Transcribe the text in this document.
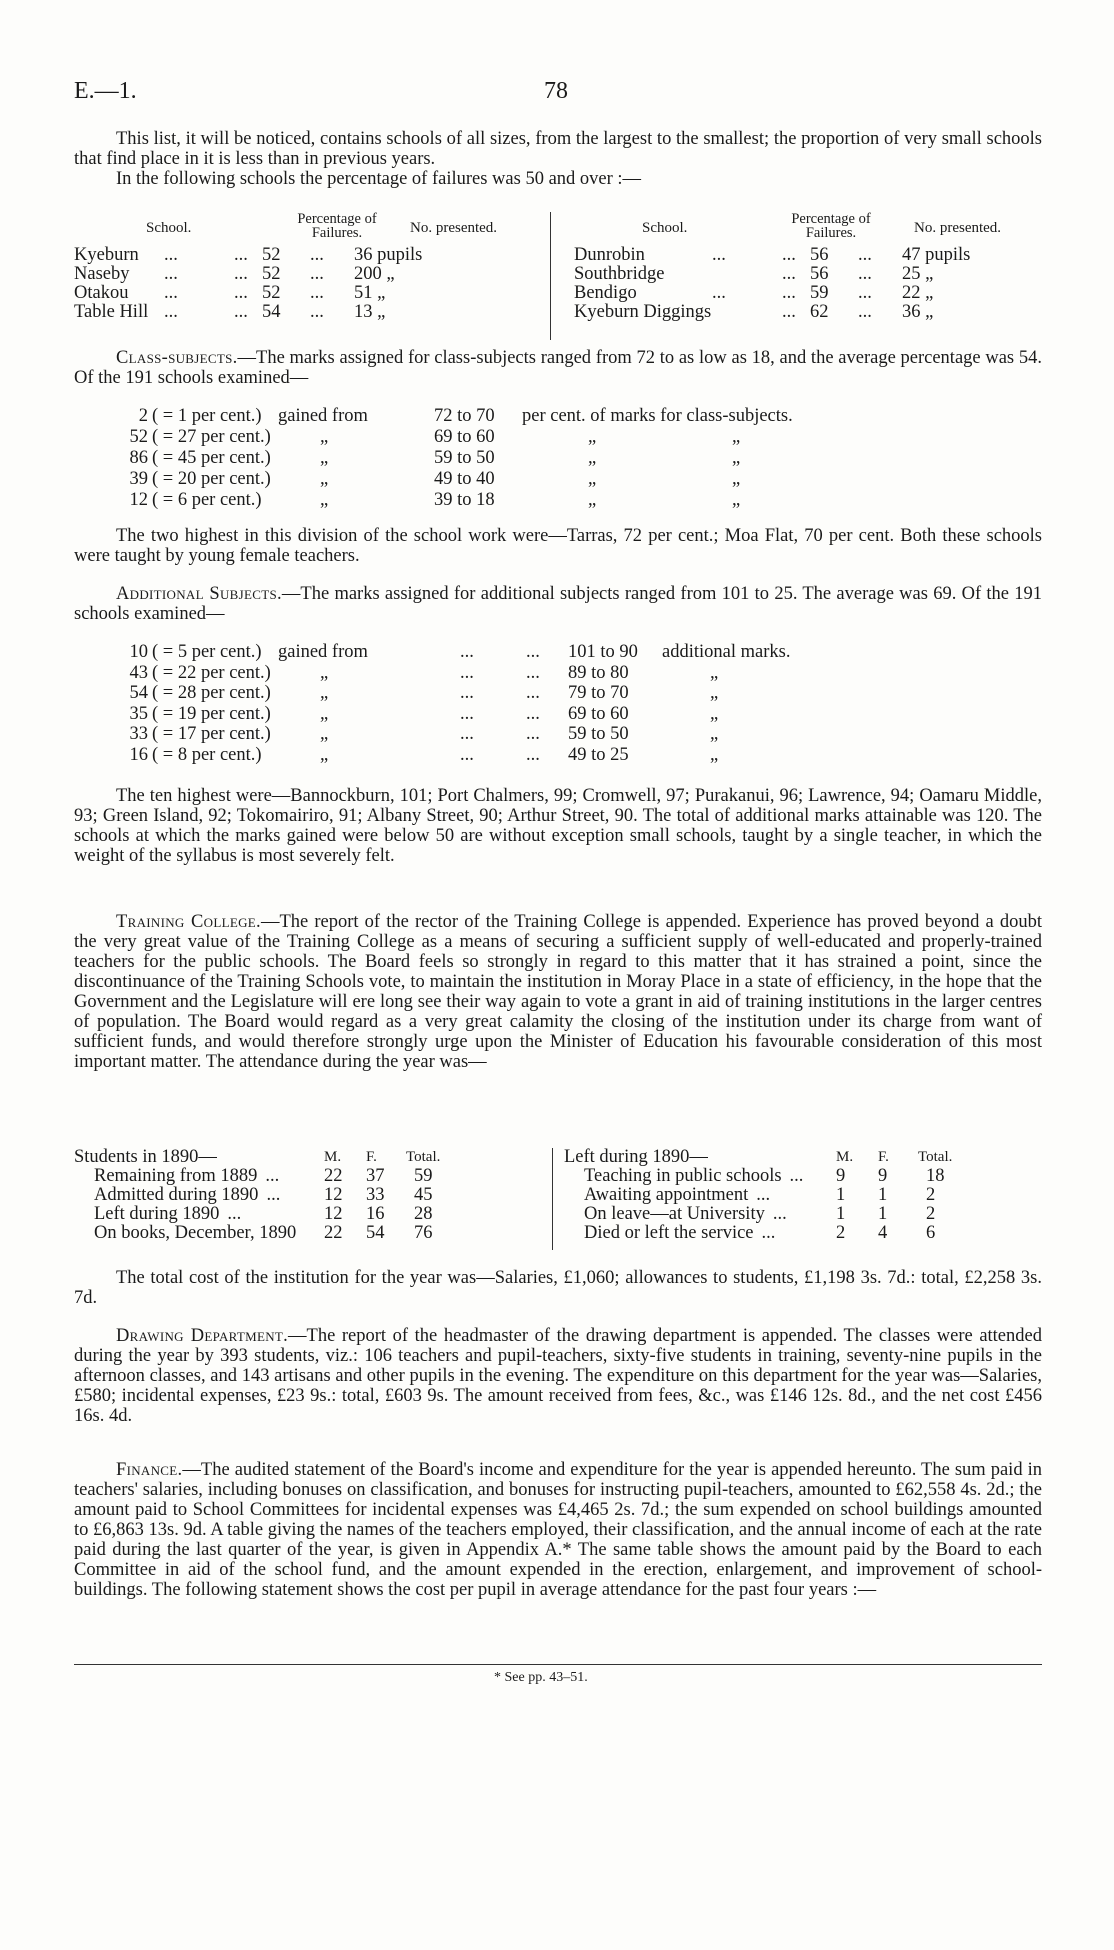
E.—1.	78

This list, it will be noticed, contains schools of all sizes, from the largest to the smallest; the proportion of very small schools that find place in it is less than in previous years.

In the following schools the percentage of failures was 50 and over :—

School.
Percentage of Failures.	No. presented.	School.
Percentage of Failures.	No. presented.
Kyeburn	...	...	52	...	36 pupils
Naseby	...	...	52	...	200 „
Otakou	...	...	52	...	51 „
Table Hill	...	...	54	...	13 „
Dunrobin	...	...	56	...	47 pupils
Southbridge		...	56	...	25 „
Bendigo	...	...	59	...	22 „
Kyeburn Diggings		...	62	...	36 „

Class-subjects.—The marks assigned for class-subjects ranged from 72 to as low as 18, and the average percentage was 54. Of the 191 schools examined—

2	( = 1 per cent.)	gained from	72 to 70	per cent. of marks for class-subjects.
52	( = 27 per cent.)	„	69 to 60	„ „
86	( = 45 per cent.)	„	59 to 50	„ „
39	( = 20 per cent.)	„	49 to 40	„ „
12	( = 6 per cent.)	„	39 to 18	„ „

The two highest in this division of the school work were—Tarras, 72 per cent.; Moa Flat, 70 per cent. Both these schools were taught by young female teachers.

Additional Subjects.—The marks assigned for additional subjects ranged from 101 to 25. The average was 69. Of the 191 schools examined—

10	( = 5 per cent.)	gained from	...	...	101 to 90	additional marks.
43	( = 22 per cent.)	„	...	...	89 to 80	„
54	( = 28 per cent.)	„	...	...	79 to 70	„
35	( = 19 per cent.)	„	...	...	69 to 60	„
33	( = 17 per cent.)	„	...	...	59 to 50	„
16	( = 8 per cent.)	„	...	...	49 to 25	„

The ten highest were—Bannockburn, 101; Port Chalmers, 99; Cromwell, 97; Purakanui, 96; Lawrence, 94; Oamaru Middle, 93; Green Island, 92; Tokomairiro, 91; Albany Street, 90; Arthur Street, 90. The total of additional marks attainable was 120. The schools at which the marks gained were below 50 are without exception small schools, taught by a single teacher, in which the weight of the syllabus is most severely felt.

Training College.—The report of the rector of the Training College is appended. Experience has proved beyond a doubt the very great value of the Training College as a means of securing a sufficient supply of well-educated and properly-trained teachers for the public schools. The Board feels so strongly in regard to this matter that it has strained a point, since the discontinuance of the Training Schools vote, to maintain the institution in Moray Place in a state of efficiency, in the hope that the Government and the Legislature will ere long see their way again to vote a grant in aid of training institutions in the larger centres of population. The Board would regard as a very great calamity the closing of the institution under its charge from want of sufficient funds, and would therefore strongly urge upon the Minister of Education his favourable consideration of this most important matter. The attendance during the year was—

Students in 1890—	M.	F.	Total.
Remaining from 1889 ...	22	37	59
Admitted during 1890 ...	12	33	45
Left during 1890 ...	12	16	28
On books, December, 1890	22	54	76
Left during 1890—	M.	F.	Total.
Teaching in public schools ...	9	9	18
Awaiting appointment ...	1	1	2
On leave—at University ...	1	1	2
Died or left the service ...	2	4	6

The total cost of the institution for the year was—Salaries, £1,060; allowances to students, £1,198 3s. 7d.: total, £2,258 3s. 7d.

Drawing Department.—The report of the headmaster of the drawing department is appended. The classes were attended during the year by 393 students, viz.: 106 teachers and pupil-teachers, sixty-five students in training, seventy-nine pupils in the afternoon classes, and 143 artisans and other pupils in the evening. The expenditure on this department for the year was—Salaries, £580; incidental expenses, £23 9s.: total, £603 9s. The amount received from fees, &c., was £146 12s. 8d., and the net cost £456 16s. 4d.

Finance.—The audited statement of the Board's income and expenditure for the year is appended hereunto. The sum paid in teachers' salaries, including bonuses on classification, and bonuses for instructing pupil-teachers, amounted to £62,558 4s. 2d.; the amount paid to School Committees for incidental expenses was £4,465 2s. 7d.; the sum expended on school buildings amounted to £6,863 13s. 9d. A table giving the names of the teachers employed, their classification, and the annual income of each at the rate paid during the last quarter of the year, is given in Appendix A.* The same table shows the amount paid by the Board to each Committee in aid of the school fund, and the amount expended in the erection, enlargement, and improvement of school-buildings. The following statement shows the cost per pupil in average attendance for the past four years :—

* See pp. 43–51.
